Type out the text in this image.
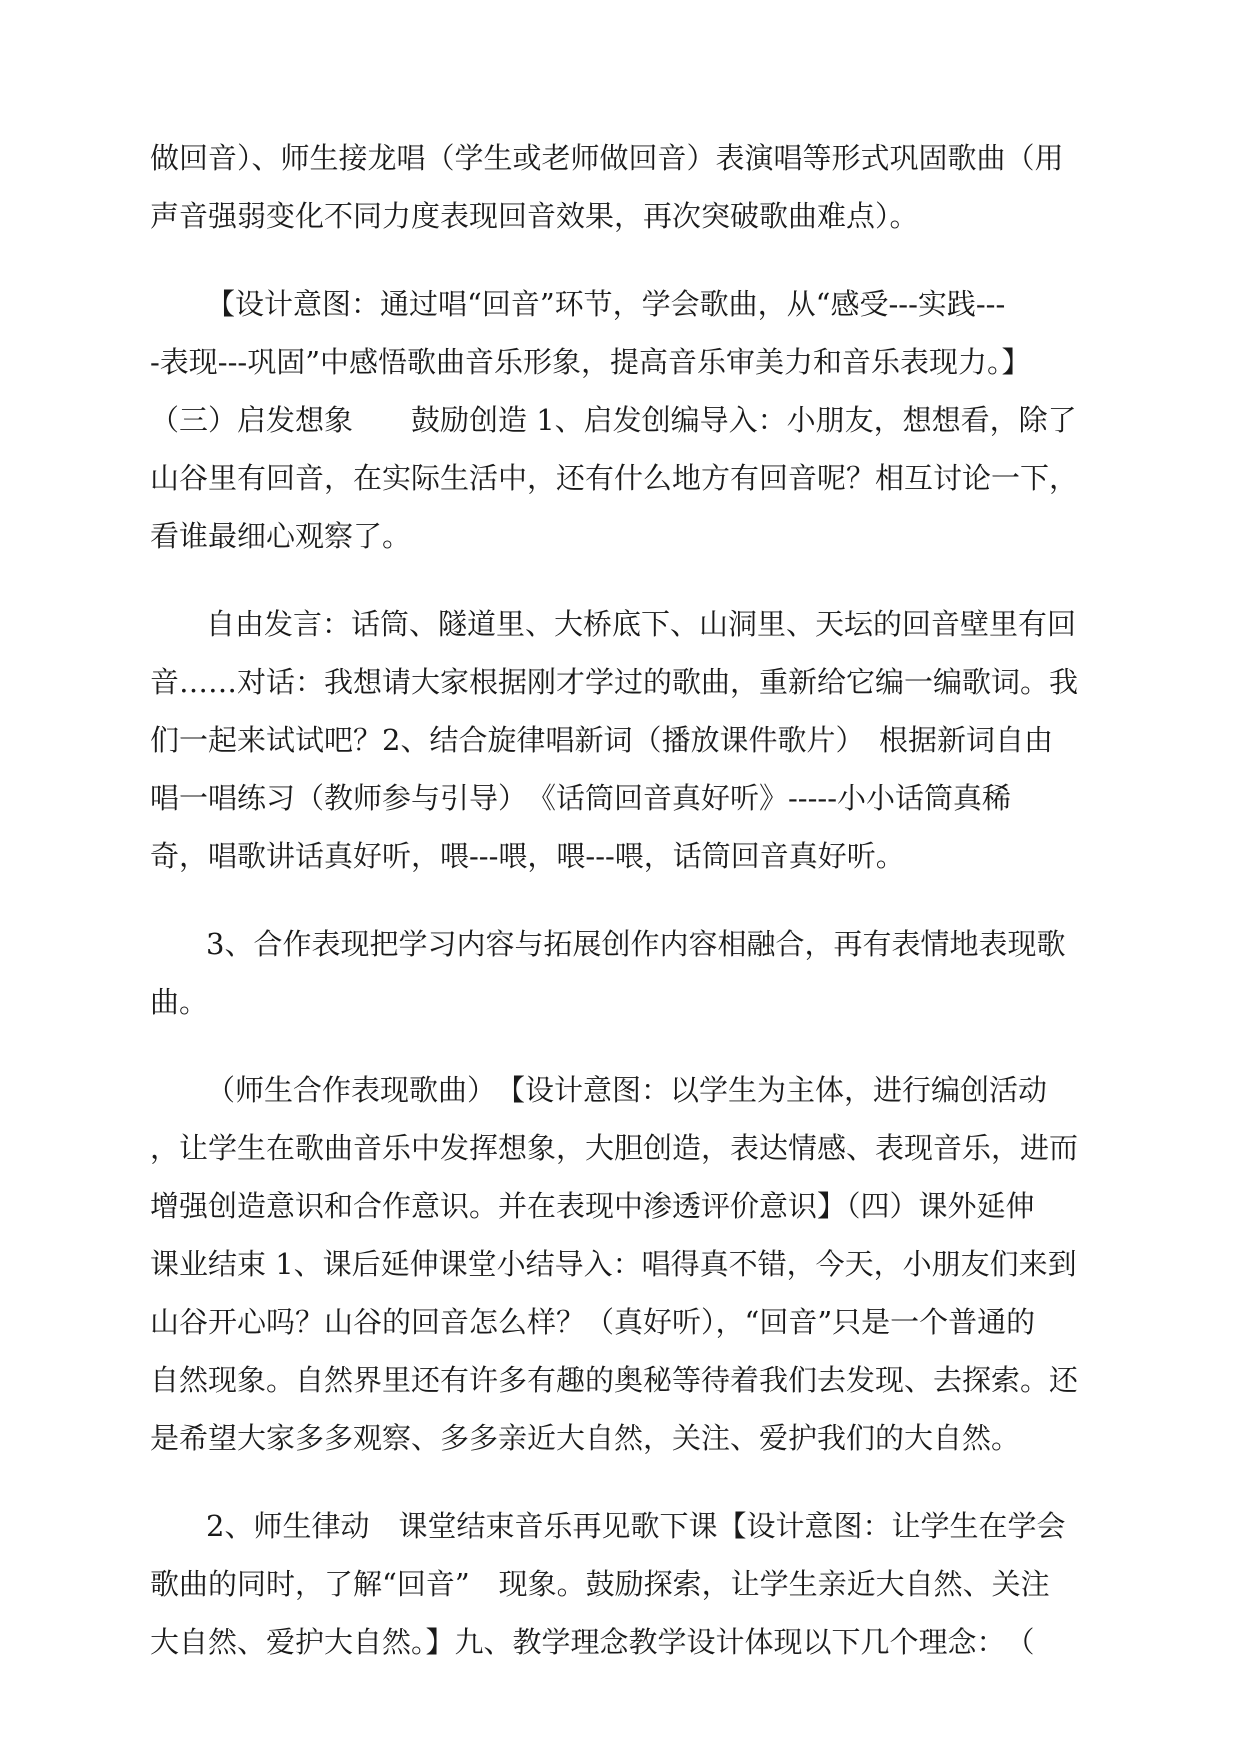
做回音）、师生接龙唱（学生或老师做回音）表演唱等形式巩固歌曲（用
声音强弱变化不同力度表现回音效果，再次突破歌曲难点）。
【设计意图：通过唱“回音”环节，学会歌曲，从“感受---实践---
-表现---巩固”中感悟歌曲音乐形象，提高音乐审美力和音乐表现力。】
（三）启发想象　　鼓励创造 1、启发创编导入：小朋友，想想看，除了
山谷里有回音，在实际生活中，还有什么地方有回音呢？相互讨论一下，
看谁最细心观察了。
自由发言：话筒、隧道里、大桥底下、山洞里、天坛的回音壁里有回
音……对话：我想请大家根据刚才学过的歌曲，重新给它编一编歌词。我
们一起来试试吧？2、结合旋律唱新词（播放课件歌片）　根据新词自由
唱一唱练习（教师参与引导）　《话筒回音真好听》-----小小话筒真稀
奇，唱歌讲话真好听，喂---喂，喂---喂，话筒回音真好听。
3、合作表现把学习内容与拓展创作内容相融合，再有表情地表现歌
曲。
（师生合作表现歌曲）　【设计意图：以学生为主体，进行编创活动
，让学生在歌曲音乐中发挥想象，大胆创造，表达情感、表现音乐，进而
增强创造意识和合作意识。并在表现中渗透评价意识】（四）课外延伸
课业结束 1、课后延伸课堂小结导入：唱得真不错，今天，小朋友们来到
山谷开心吗？山谷的回音怎么样？（真好听），“回音”只是一个普通的
自然现象。自然界里还有许多有趣的奥秘等待着我们去发现、去探索。还
是希望大家多多观察、多多亲近大自然，关注、爱护我们的大自然。
2、师生律动　课堂结束音乐再见歌下课【设计意图：让学生在学会
歌曲的同时，了解“回音”　现象。鼓励探索，让学生亲近大自然、关注
大自然、爱护大自然。】九、教学理念教学设计体现以下几个理念：　（
